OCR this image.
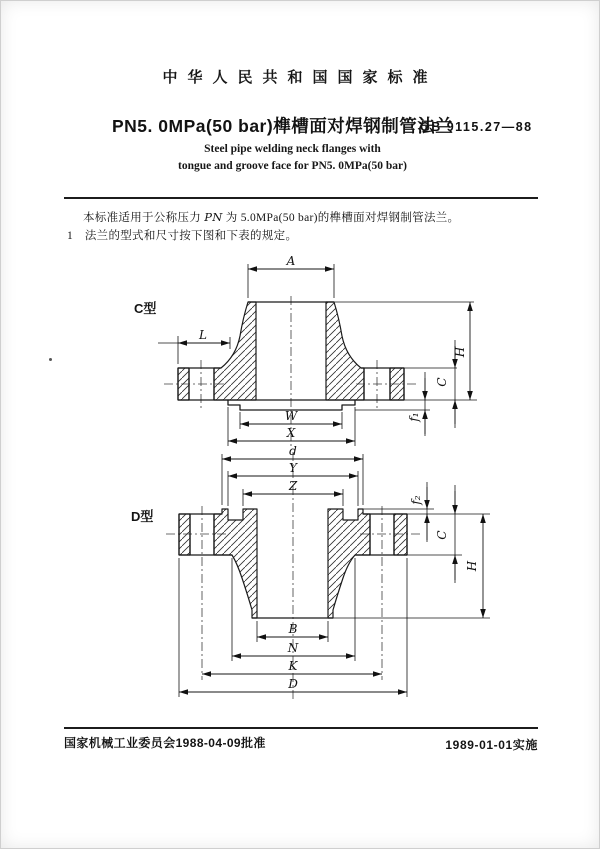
中华人民共和国国家标准
PN5. 0MPa(50 bar)榫槽面对焊钢制管法兰
GB 9115.27—88
Steel pipe welding neck flanges with
tongue and groove face for PN5. 0MPa(50 bar)
本标准适用于公称压力 PN 为 5.0MPa(50 bar)的榫槽面对焊钢制管法兰。
1　法兰的型式和尺寸按下图和下表的规定。
C型
A
L
W
X
H
C
f₁
D型
d
Y
Z
B
N
K
D
f₂
C
H
国家机械工业委员会1988-04-09批准	1989-01-01实施
